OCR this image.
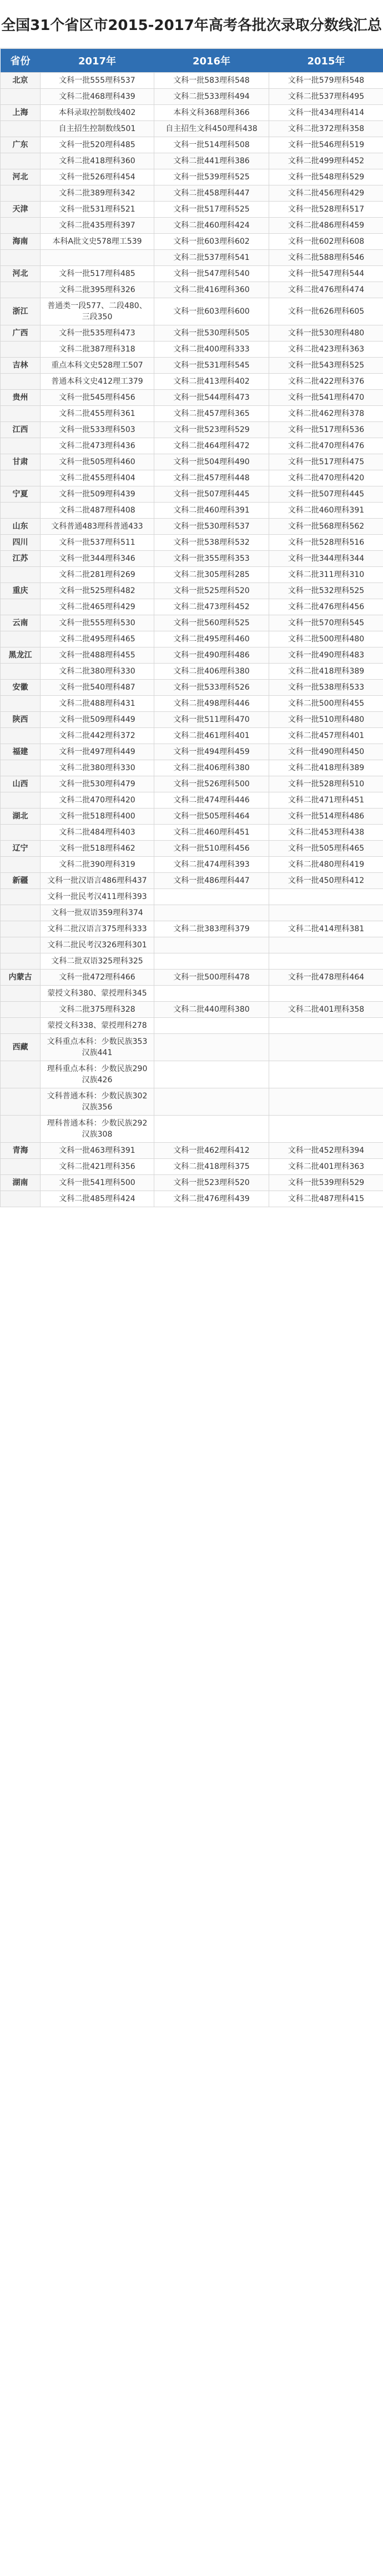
全国31个省区市2015-2017年高考各批次录取分数线汇总
省份	2017年	2016年	2015年
北京	文科一批555理科537	文科一批583理科548	文科一批579理科548
	文科二批468理科439	文科二批533理科494	文科二批537理科495
上海	本科录取控制数线402	本科文科368理科366	文科一批434理科414
	自主招生控制数线501	自主招生文科450理科438	文科二批372理科358
广东	文科一批520理科485	文科一批514理科508	文科一批546理科519
	文科二批418理科360	文科二批441理科386	文科二批499理科452
河北	文科一批526理科454	文科一批539理科525	文科一批548理科529
	文科二批389理科342	文科二批458理科447	文科二批456理科429
天津	文科一批531理科521	文科一批517理科525	文科一批528理科517
	文科二批435理科397	文科二批460理科424	文科二批486理科459
海南	本科A批文史578理工539	文科一批603理科602	文科一批602理科608
		文科二批537理科541	文科二批588理科546
河北	文科一批517理科485	文科一批547理科540	文科一批547理科544
	文科二批395理科326	文科二批416理科360	文科二批476理科474
浙江	普通类一段577、二段480、三段350	文科一批603理科600	文科一批626理科605
广西	文科一批535理科473	文科一批530理科505	文科一批530理科480
	文科二批387理科318	文科二批400理科333	文科二批423理科363
吉林	重点本科文史528理工507	文科一批531理科545	文科一批543理科525
	普通本科文史412理工379	文科二批413理科402	文科二批422理科376
贵州	文科一批545理科456	文科一批544理科473	文科一批541理科470
	文科二批455理科361	文科二批457理科365	文科二批462理科378
江西	文科一批533理科503	文科一批523理科529	文科一批517理科536
	文科二批473理科436	文科二批464理科472	文科二批470理科476
甘肃	文科一批505理科460	文科一批504理科490	文科一批517理科475
	文科二批455理科404	文科二批457理科448	文科二批470理科420
宁夏	文科一批509理科439	文科一批507理科445	文科一批507理科445
	文科二批487理科408	文科二批460理科391	文科二批460理科391
山东	文科普通483理科普通433	文科一批530理科537	文科一批568理科562
四川	文科一批537理科511	文科一批538理科532	文科一批528理科516
江苏	文科一批344理科346	文科一批355理科353	文科一批344理科344
	文科二批281理科269	文科二批305理科285	文科二批311理科310
重庆	文科一批525理科482	文科一批525理科520	文科一批532理科525
	文科二批465理科429	文科二批473理科452	文科二批476理科456
云南	文科一批555理科530	文科一批560理科525	文科一批570理科545
	文科二批495理科465	文科二批495理科460	文科二批500理科480
黑龙江	文科一批488理科455	文科一批490理科486	文科一批490理科483
	文科二批380理科330	文科二批406理科380	文科二批418理科389
安徽	文科一批540理科487	文科一批533理科526	文科一批538理科533
	文科二批488理科431	文科二批498理科446	文科二批500理科455
陕西	文科一批509理科449	文科一批511理科470	文科一批510理科480
	文科二批442理科372	文科二批461理科401	文科二批457理科401
福建	文科一批497理科449	文科一批494理科459	文科一批490理科450
	文科二批380理科330	文科二批406理科380	文科二批418理科389
山西	文科一批530理科479	文科一批526理科500	文科一批528理科510
	文科二批470理科420	文科二批474理科446	文科二批471理科451
湖北	文科一批518理科400	文科一批505理科464	文科一批514理科486
	文科二批484理科403	文科二批460理科451	文科二批453理科438
辽宁	文科一批518理科462	文科一批510理科456	文科一批505理科465
	文科二批390理科319	文科二批474理科393	文科二批480理科419
新疆	文科一批汉语言486理科437	文科一批486理科447	文科一批450理科412
	文科一批民考汉411理科393		
	文科一批双语359理科374		
	文科二批汉语言375理科333	文科二批383理科379	文科二批414理科381
	文科二批民考汉326理科301		
	文科二批双语325理科325		
内蒙古	文科一批472理科466	文科一批500理科478	文科一批478理科464
	蒙授文科380、蒙授理科345		
	文科二批375理科328	文科二批440理科380	文科二批401理科358
	蒙授文科338、蒙授理科278		
西藏	文科重点本科：少数民族353汉族441		
	理科重点本科：少数民族290汉族426		
	文科普通本科：少数民族302汉族356		
	理科普通本科：少数民族292汉族308		
青海	文科一批463理科391	文科一批462理科412	文科一批452理科394
	文科二批421理科356	文科二批418理科375	文科二批401理科363
湖南	文科一批541理科500	文科一批523理科520	文科一批539理科529
	文科二批485理科424	文科二批476理科439	文科二批487理科415
